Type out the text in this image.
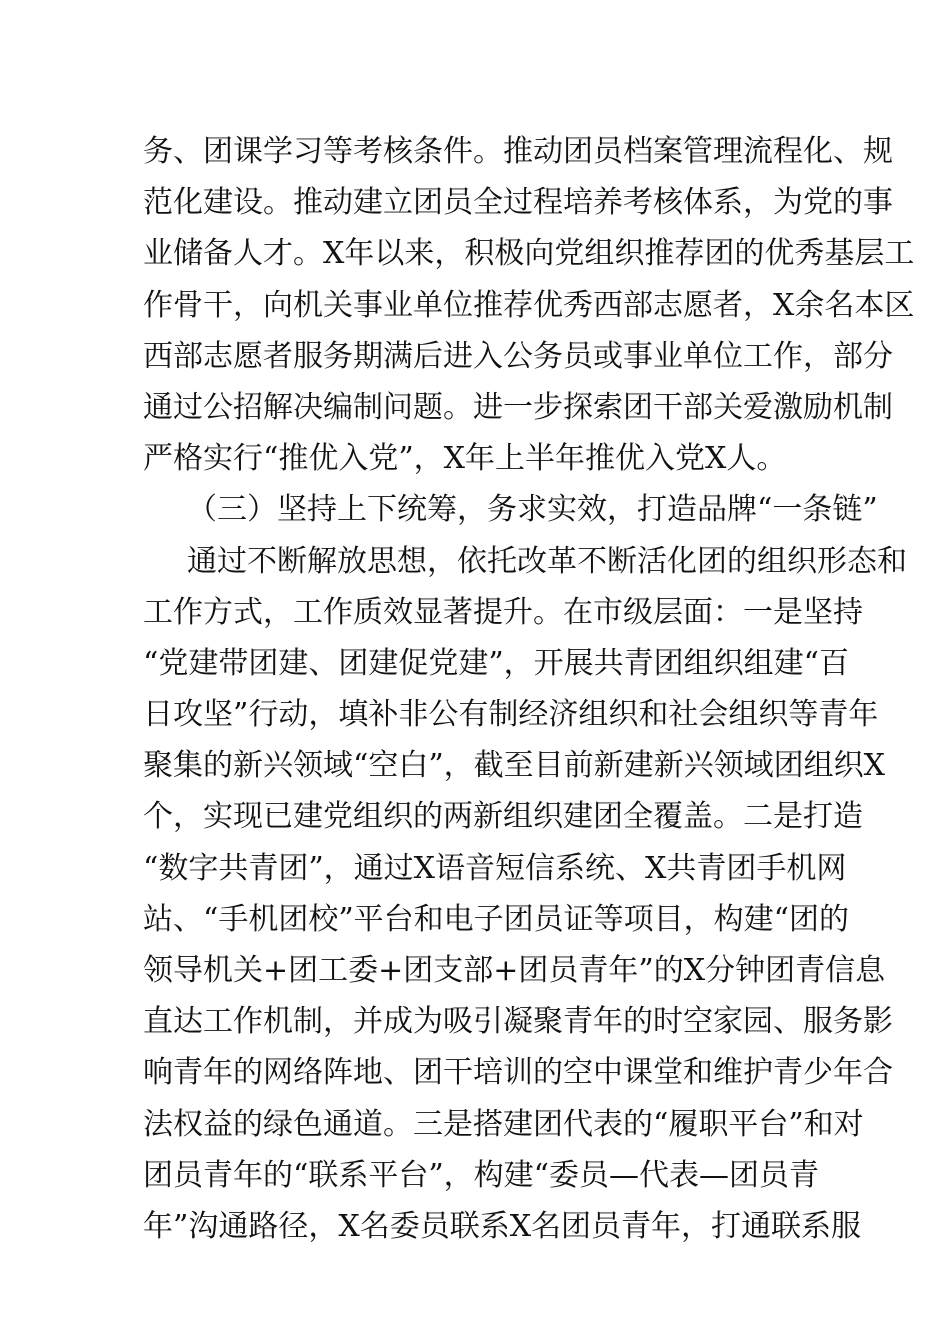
务、团课学习等考核条件。推动团员档案管理流程化、规
范化建设。推动建立团员全过程培养考核体系，为党的事
业储备人才。X年以来，积极向党组织推荐团的优秀基层工
作骨干，向机关事业单位推荐优秀西部志愿者，X余名本区
西部志愿者服务期满后进入公务员或事业单位工作，部分
通过公招解决编制问题。进一步探索团干部关爱激励机制
严格实行“推优入党”，X年上半年推优入党X人。
（三）坚持上下统筹，务求实效，打造品牌“一条链”
通过不断解放思想，依托改革不断活化团的组织形态和
工作方式，工作质效显著提升。在市级层面：一是坚持
“党建带团建、团建促党建”，开展共青团组织组建“百
日攻坚”行动，填补非公有制经济组织和社会组织等青年
聚集的新兴领域“空白”，截至目前新建新兴领域团组织X
个，实现已建党组织的两新组织建团全覆盖。二是打造
“数字共青团”，通过X语音短信系统、X共青团手机网
站、“手机团校”平台和电子团员证等项目，构建“团的
领导机关+团工委+团支部+团员青年”的X分钟团青信息
直达工作机制，并成为吸引凝聚青年的时空家园、服务影
响青年的网络阵地、团干培训的空中课堂和维护青少年合
法权益的绿色通道。三是搭建团代表的“履职平台”和对
团员青年的“联系平台”，构建“委员—代表—团员青
年”沟通路径，X名委员联系X名团员青年，打通联系服
